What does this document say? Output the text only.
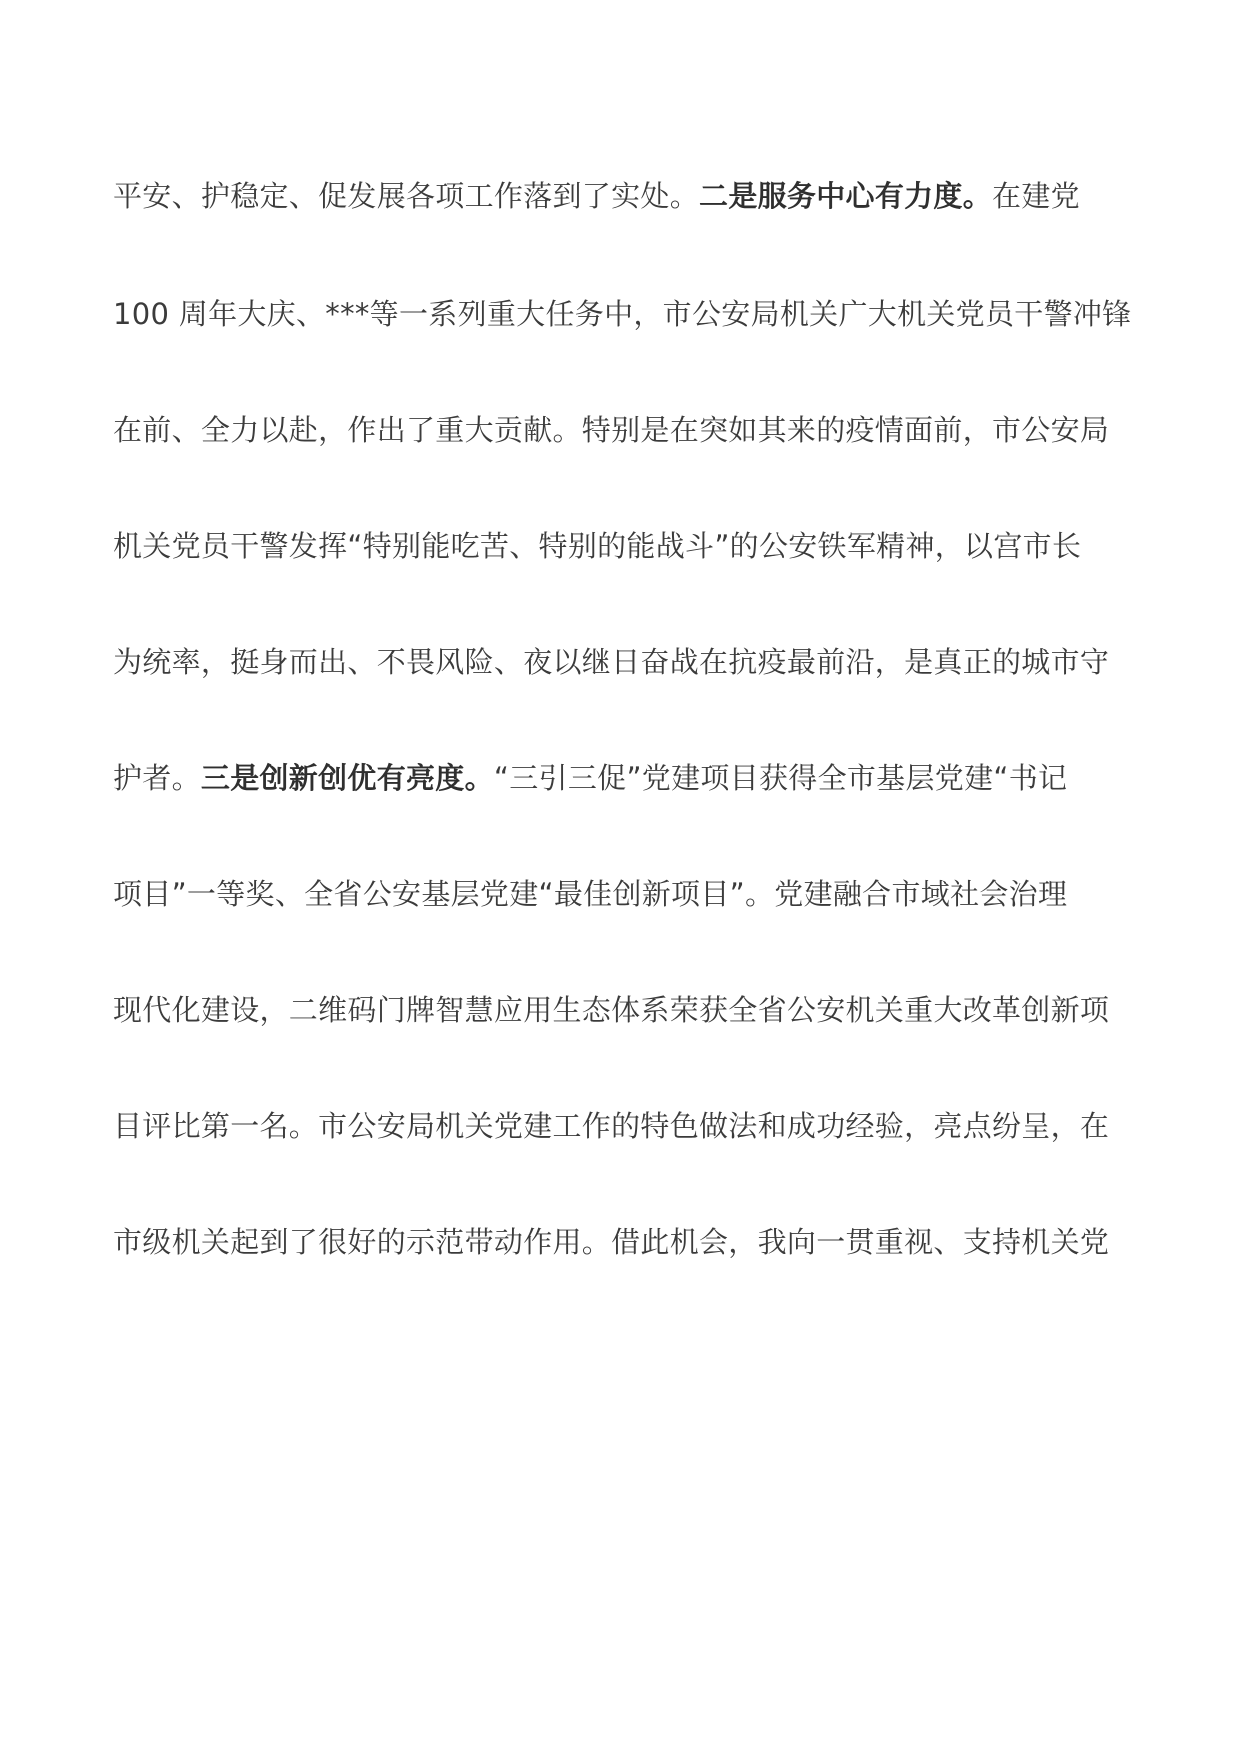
平安、护稳定、促发展各项工作落到了实处。二是服务中心有力度。在建党
100 周年大庆、***等一系列重大任务中，市公安局机关广大机关党员干警冲锋
在前、全力以赴，作出了重大贡献。特别是在突如其来的疫情面前，市公安局
机关党员干警发挥“特别能吃苦、特别的能战斗”的公安铁军精神，以宫市长
为统率，挺身而出、不畏风险、夜以继日奋战在抗疫最前沿，是真正的城市守
护者。三是创新创优有亮度。“三引三促”党建项目获得全市基层党建“书记
项目”一等奖、全省公安基层党建“最佳创新项目”。党建融合市域社会治理
现代化建设，二维码门牌智慧应用生态体系荣获全省公安机关重大改革创新项
目评比第一名。市公安局机关党建工作的特色做法和成功经验，亮点纷呈，在
市级机关起到了很好的示范带动作用。借此机会，我向一贯重视、支持机关党
